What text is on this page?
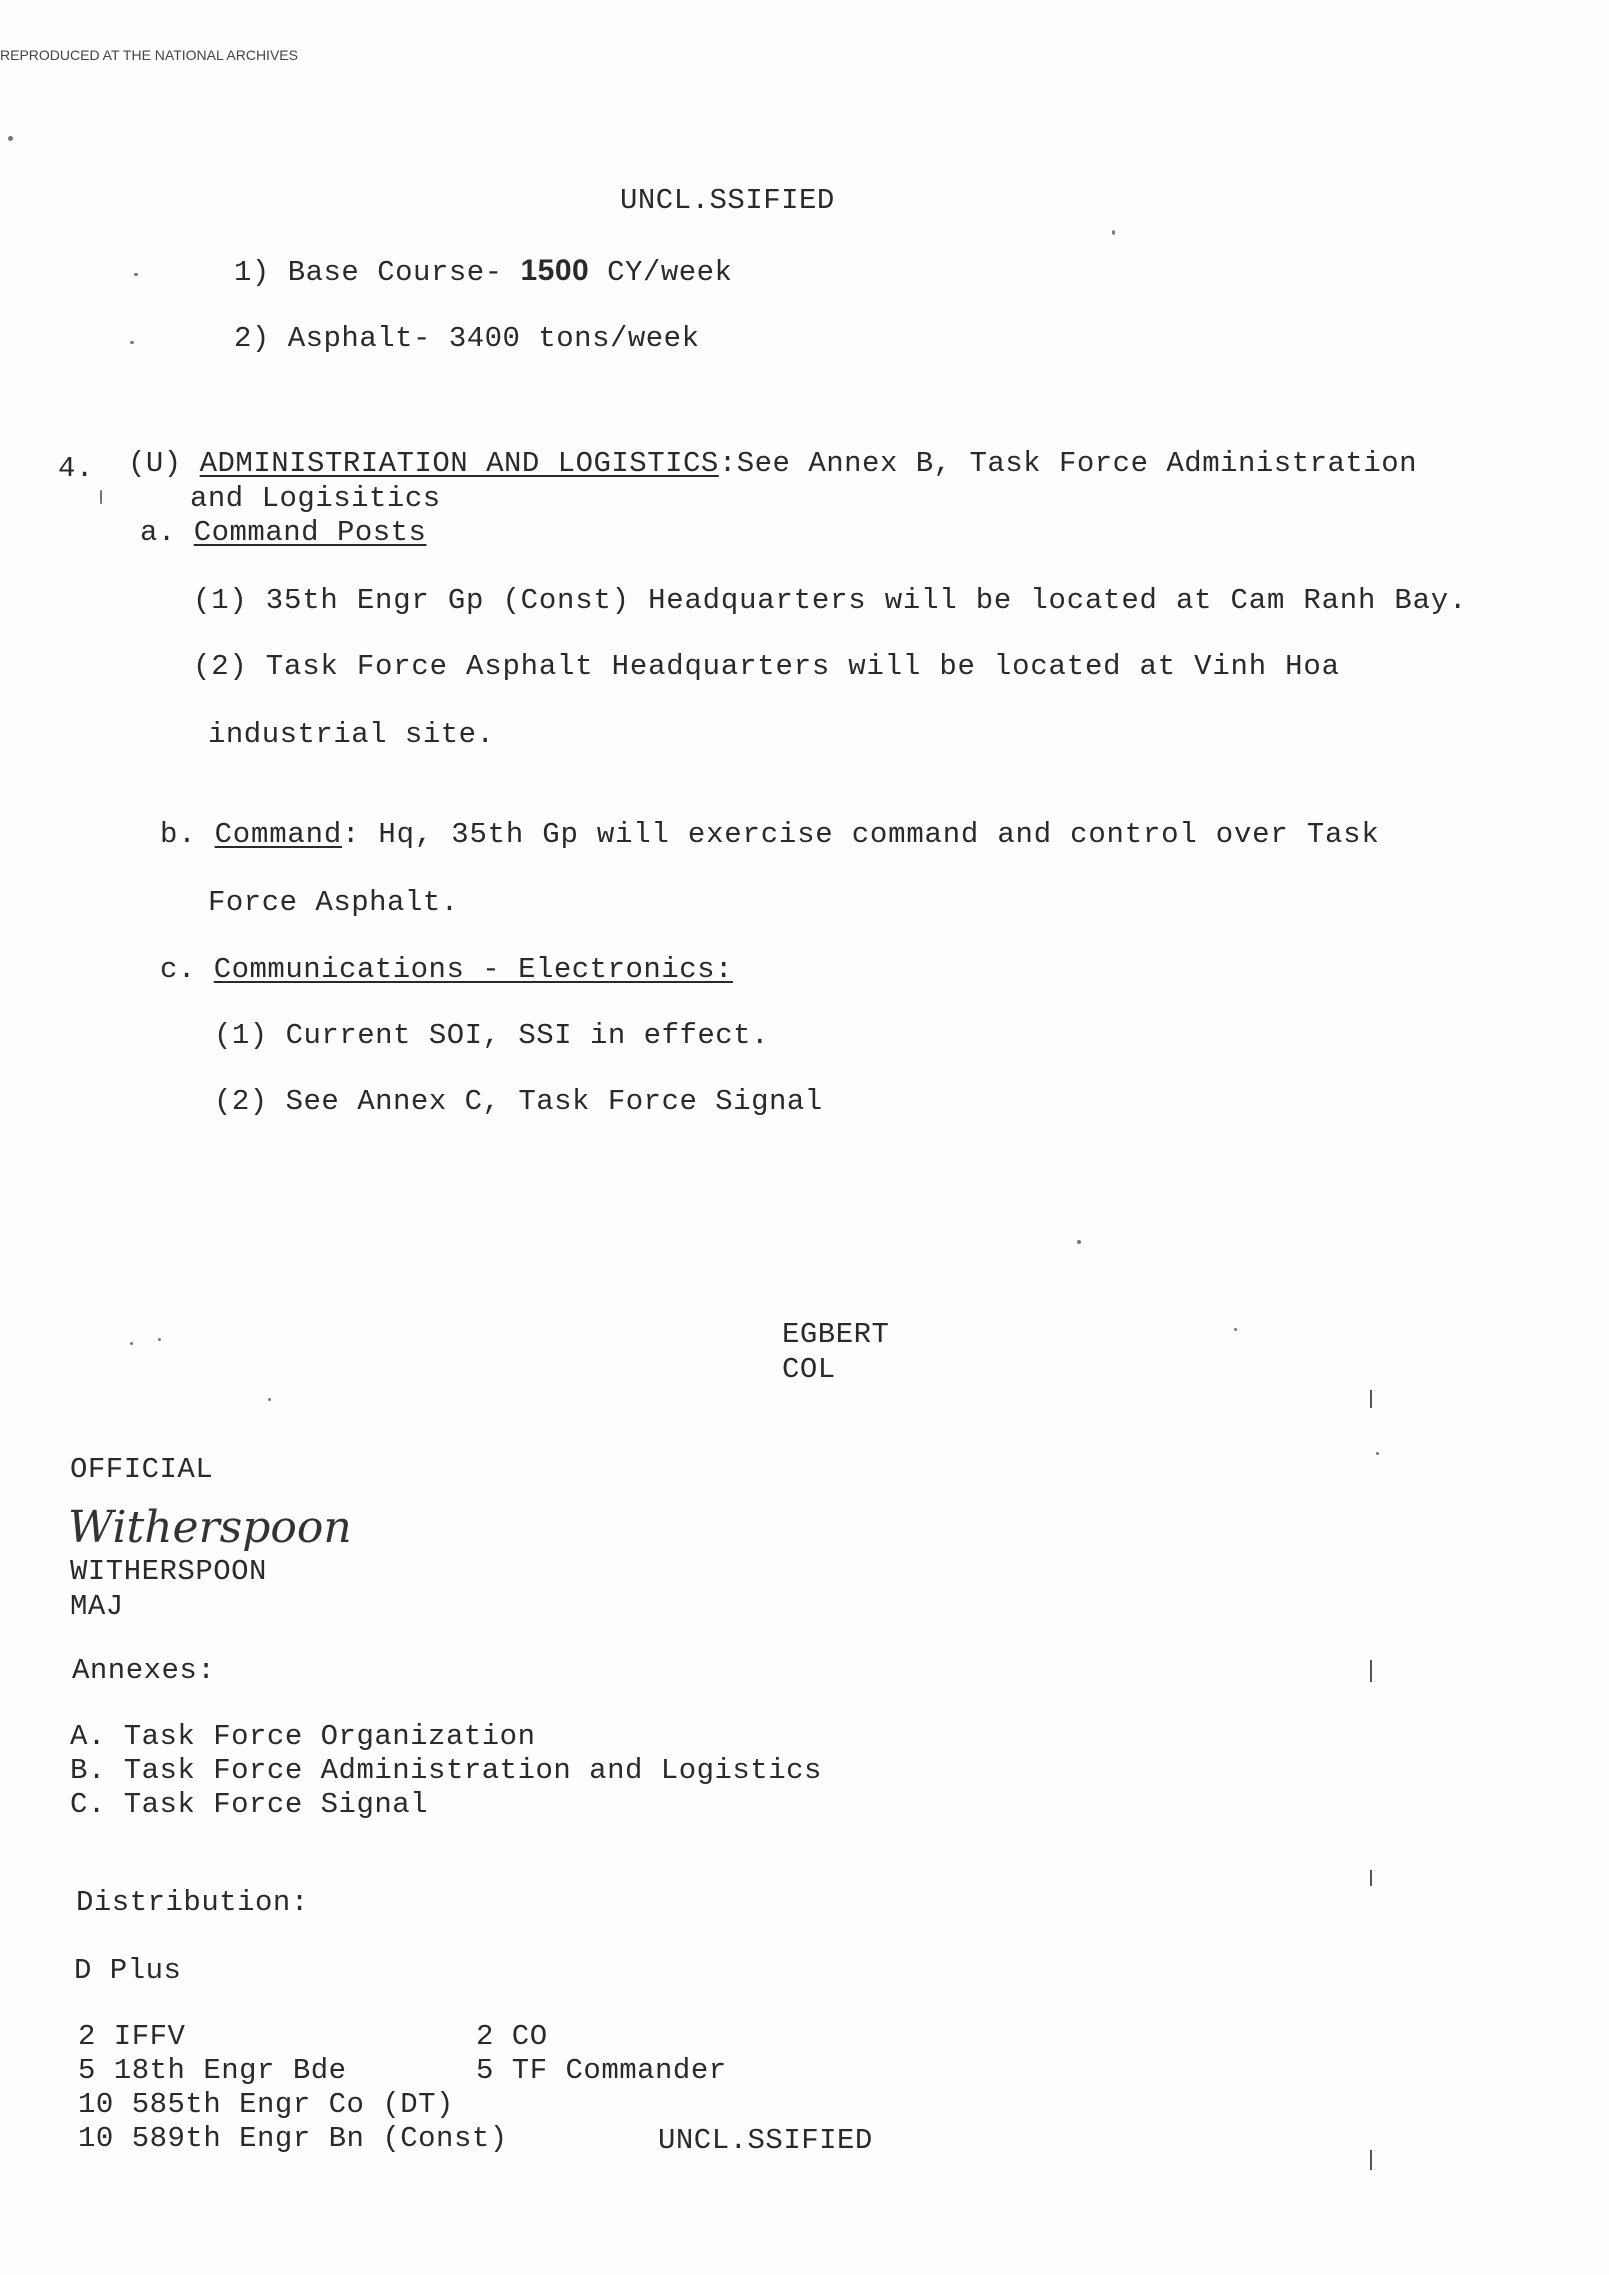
REPRODUCED AT THE NATIONAL ARCHIVES
UNCL.SSIFIED
1) Base Course- 1500 CY/week
2) Asphalt- 3400 tons/week
4. (U) ADMINISTRIATION AND LOGISTICS:See Annex B, Task Force Administration
and Logisitics
a. Command Posts
(1) 35th Engr Gp (Const) Headquarters will be located at Cam Ranh Bay.
(2) Task Force Asphalt Headquarters will be located at Vinh Hoa
industrial site.
b. Command: Hq, 35th Gp will exercise command and control over Task
Force Asphalt.
c. Communications - Electronics:
(1) Current SOI, SSI in effect.
(2) See Annex C, Task Force Signal
EGBERT
COL
OFFICIAL
Witherspoon
WITHERSPOON
MAJ
Annexes:
A. Task Force Organization
B. Task Force Administration and Logistics
C. Task Force Signal
Distribution:
D Plus
2 IFFV
5 18th Engr Bde
10 585th Engr Co (DT)
10 589th Engr Bn (Const)
2 CO
5 TF Commander
UNCL.SSIFIED
